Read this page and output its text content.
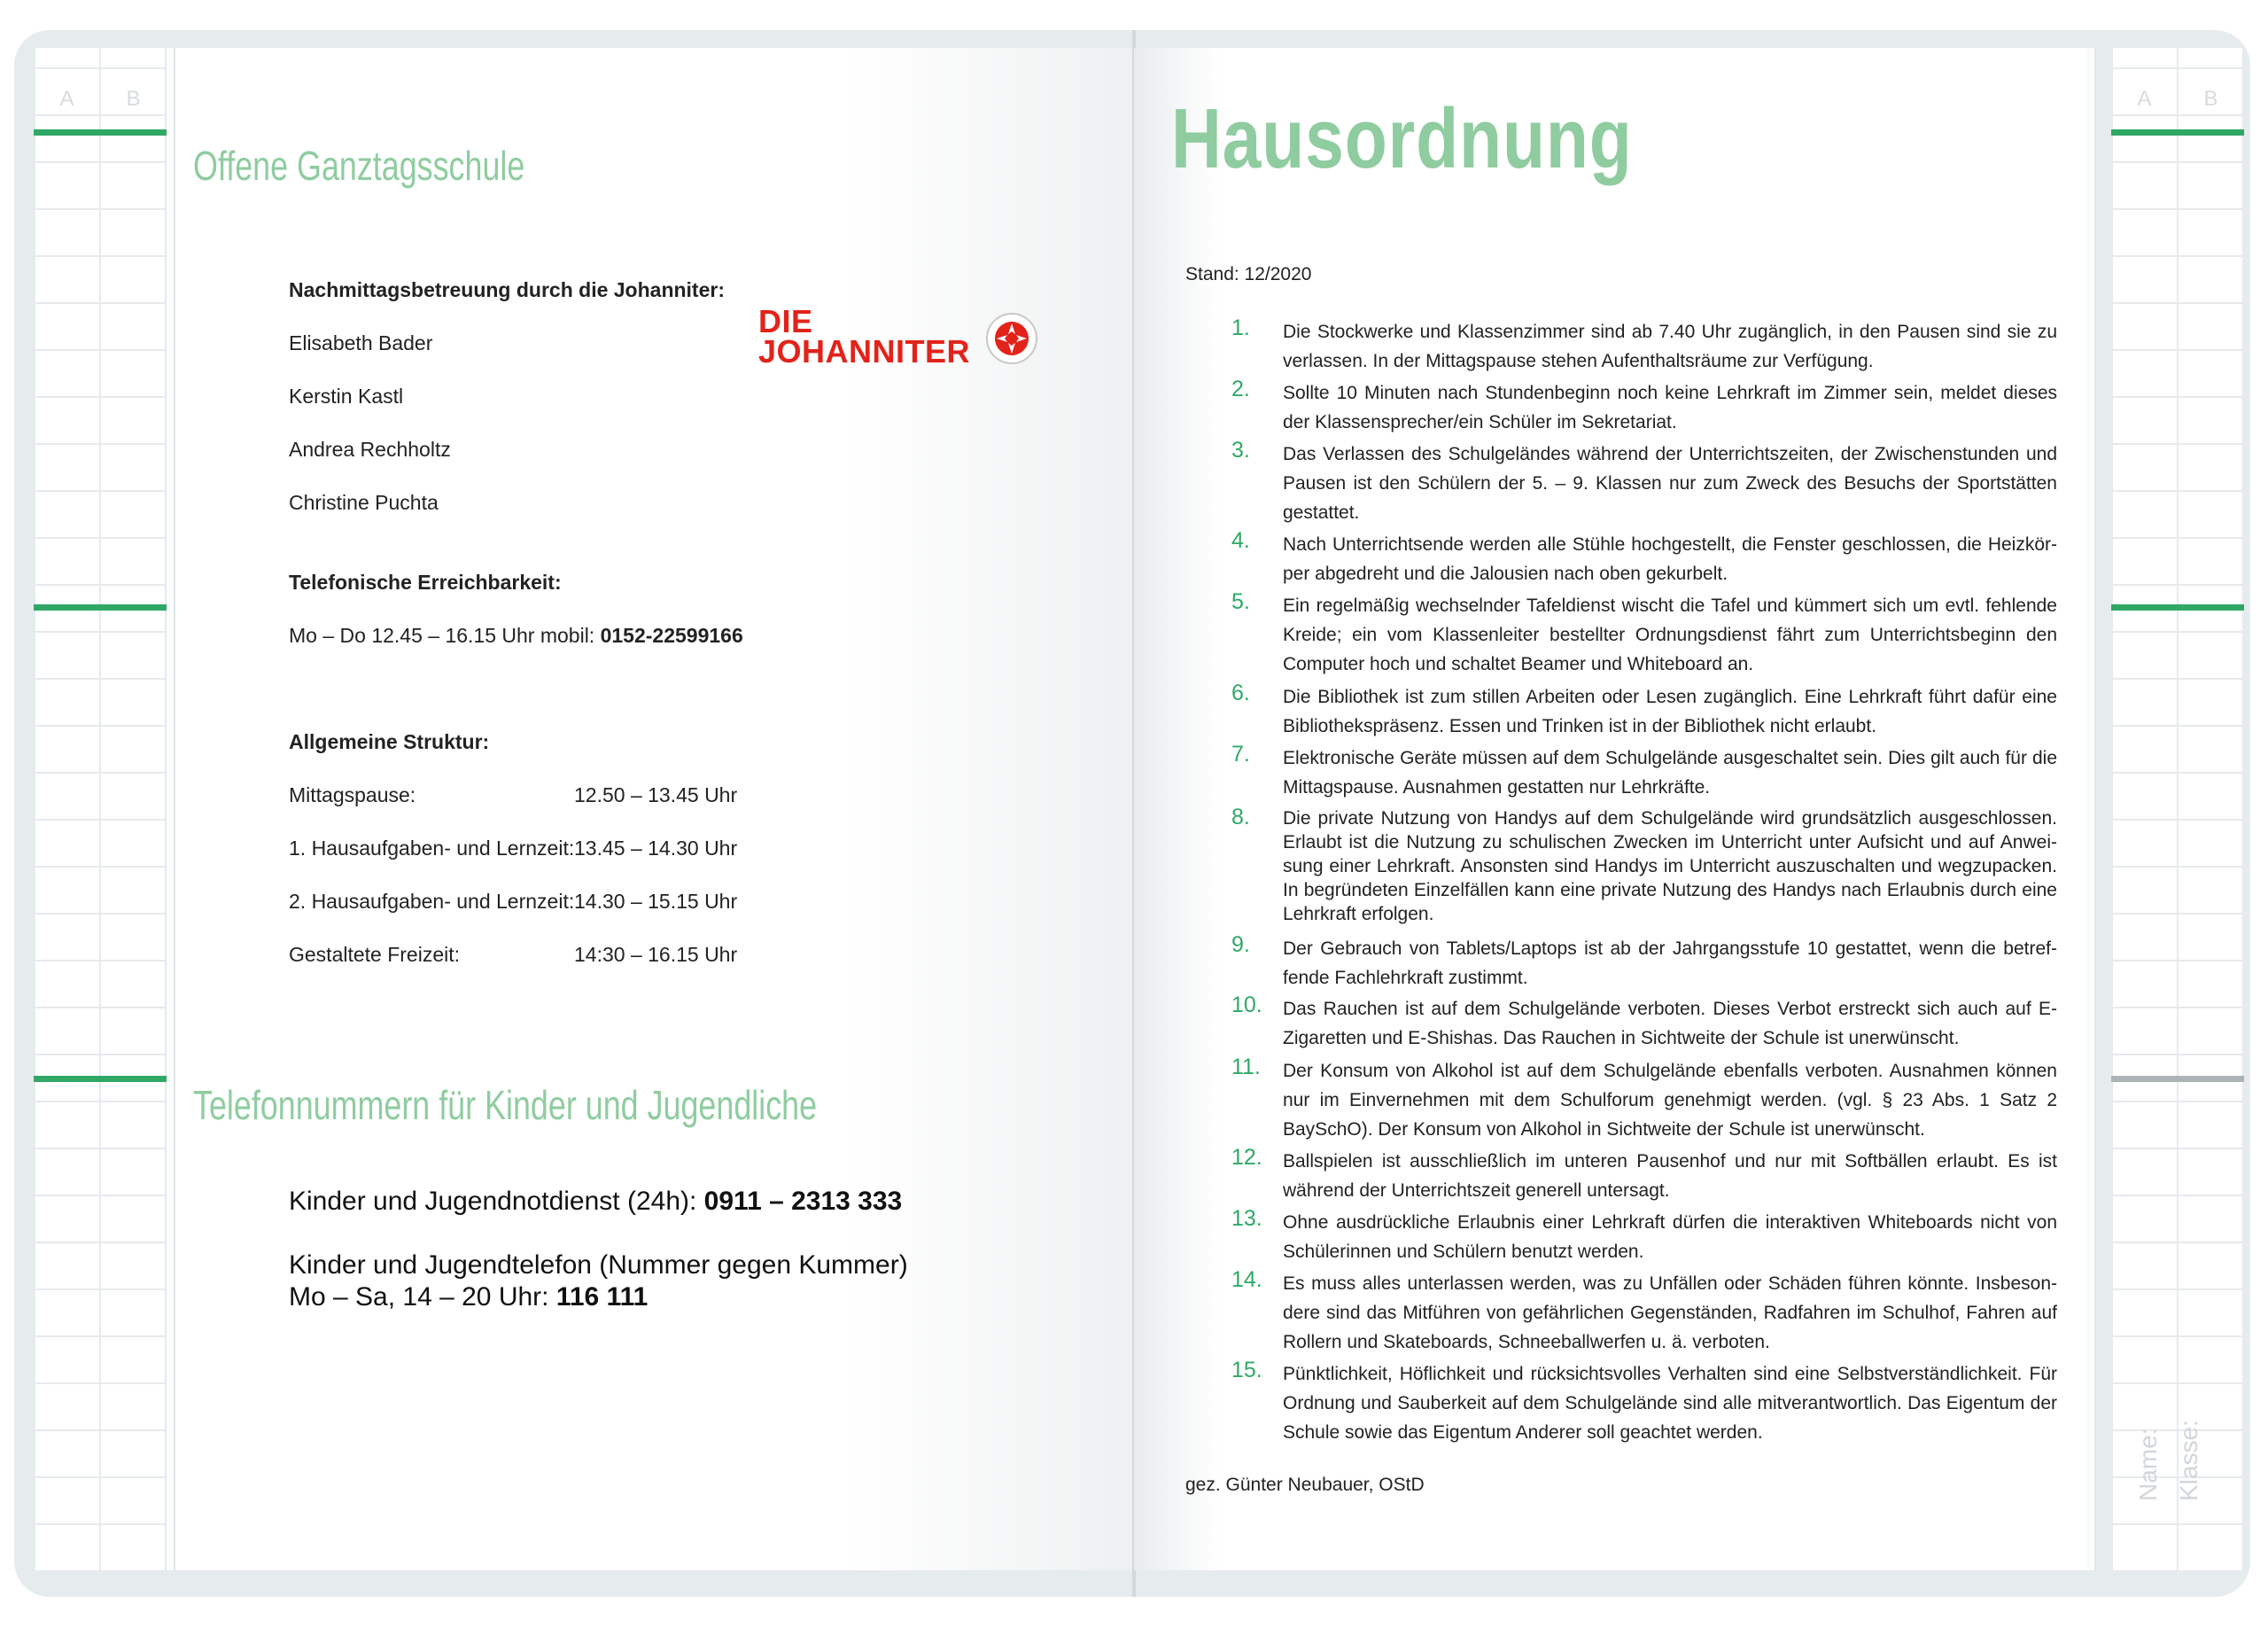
A B
Offene Ganztagsschule
Nachmittagsbetreuung durch die Johanniter:
Elisabeth Bader
Kerstin Kastl
Andrea Rechholtz
Christine Puchta
DIE
JOHANNITER
Telefonische Erreichbarkeit:
Mo – Do 12.45 – 16.15 Uhr mobil: 0152-22599166
Allgemeine Struktur:
Mittagspause:	12.50 – 13.45 Uhr
1. Hausaufgaben- und Lernzeit: 13.45 – 14.30 Uhr
2. Hausaufgaben- und Lernzeit: 14.30 – 15.15 Uhr
Gestaltete Freizeit:	14:30 – 16.15 Uhr
Telefonnummern für Kinder und Jugendliche
Kinder und Jugendnotdienst (24h): 0911 – 2313 333
Kinder und Jugendtelefon (Nummer gegen Kummer)
Mo – Sa, 14 – 20 Uhr: 116 111
Hausordnung
Stand: 12/2020
1. Die Stockwerke und Klassenzimmer sind ab 7.40 Uhr zugänglich, in den Pausen sind sie zu verlassen. In der Mittagspause stehen Aufenthaltsräume zur Verfügung.
2. Sollte 10 Minuten nach Stundenbeginn noch keine Lehrkraft im Zimmer sein, meldet dieses der Klassensprecher/ein Schüler im Sekretariat.
3. Das Verlassen des Schulgeländes während der Unterrichtszeiten, der Zwischenstunden und Pausen ist den Schülern der 5. – 9. Klassen nur zum Zweck des Besuchs der Sportstätten gestattet.
4. Nach Unterrichtsende werden alle Stühle hochgestellt, die Fenster geschlossen, die Heizkör-per abgedreht und die Jalousien nach oben gekurbelt.
5. Ein regelmäßig wechselnder Tafeldienst wischt die Tafel und kümmert sich um evtl. fehlende Kreide; ein vom Klassenleiter bestellter Ordnungsdienst fährt zum Unterrichtsbeginn den Computer hoch und schaltet Beamer und Whiteboard an.
6. Die Bibliothek ist zum stillen Arbeiten oder Lesen zugänglich. Eine Lehrkraft führt dafür eine Bibliothekspräsenz. Essen und Trinken ist in der Bibliothek nicht erlaubt.
7. Elektronische Geräte müssen auf dem Schulgelände ausgeschaltet sein. Dies gilt auch für die Mittagspause. Ausnahmen gestatten nur Lehrkräfte.
8. Die private Nutzung von Handys auf dem Schulgelände wird grundsätzlich ausgeschlossen. Erlaubt ist die Nutzung zu schulischen Zwecken im Unterricht unter Aufsicht und auf Anwei-sung einer Lehrkraft. Ansonsten sind Handys im Unterricht auszuschalten und wegzupacken. In begründeten Einzelfällen kann eine private Nutzung des Handys nach Erlaubnis durch eine Lehrkraft erfolgen.
9. Der Gebrauch von Tablets/Laptops ist ab der Jahrgangsstufe 10 gestattet, wenn die betref-fende Fachlehrkraft zustimmt.
10. Das Rauchen ist auf dem Schulgelände verboten. Dieses Verbot erstreckt sich auch auf E-Zigaretten und E-Shishas. Das Rauchen in Sichtweite der Schule ist unerwünscht.
11. Der Konsum von Alkohol ist auf dem Schulgelände ebenfalls verboten. Ausnahmen können nur im Einvernehmen mit dem Schulforum genehmigt werden. (vgl. § 23 Abs. 1 Satz 2 BaySchO). Der Konsum von Alkohol in Sichtweite der Schule ist unerwünscht.
12. Ballspielen ist ausschließlich im unteren Pausenhof und nur mit Softbällen erlaubt. Es ist während der Unterrichtszeit generell untersagt.
13. Ohne ausdrückliche Erlaubnis einer Lehrkraft dürfen die interaktiven Whiteboards nicht von Schülerinnen und Schülern benutzt werden.
14. Es muss alles unterlassen werden, was zu Unfällen oder Schäden führen könnte. Insbeson-dere sind das Mitführen von gefährlichen Gegenständen, Radfahren im Schulhof, Fahren auf Rollern und Skateboards, Schneeballwerfen u. ä. verboten.
15. Pünktlichkeit, Höflichkeit und rücksichtsvolles Verhalten sind eine Selbstverständlichkeit. Für Ordnung und Sauberkeit auf dem Schulgelände sind alle mitverantwortlich. Das Eigentum der Schule sowie das Eigentum Anderer soll geachtet werden.
gez. Günter Neubauer, OStD
A B
Name: Klasse:
